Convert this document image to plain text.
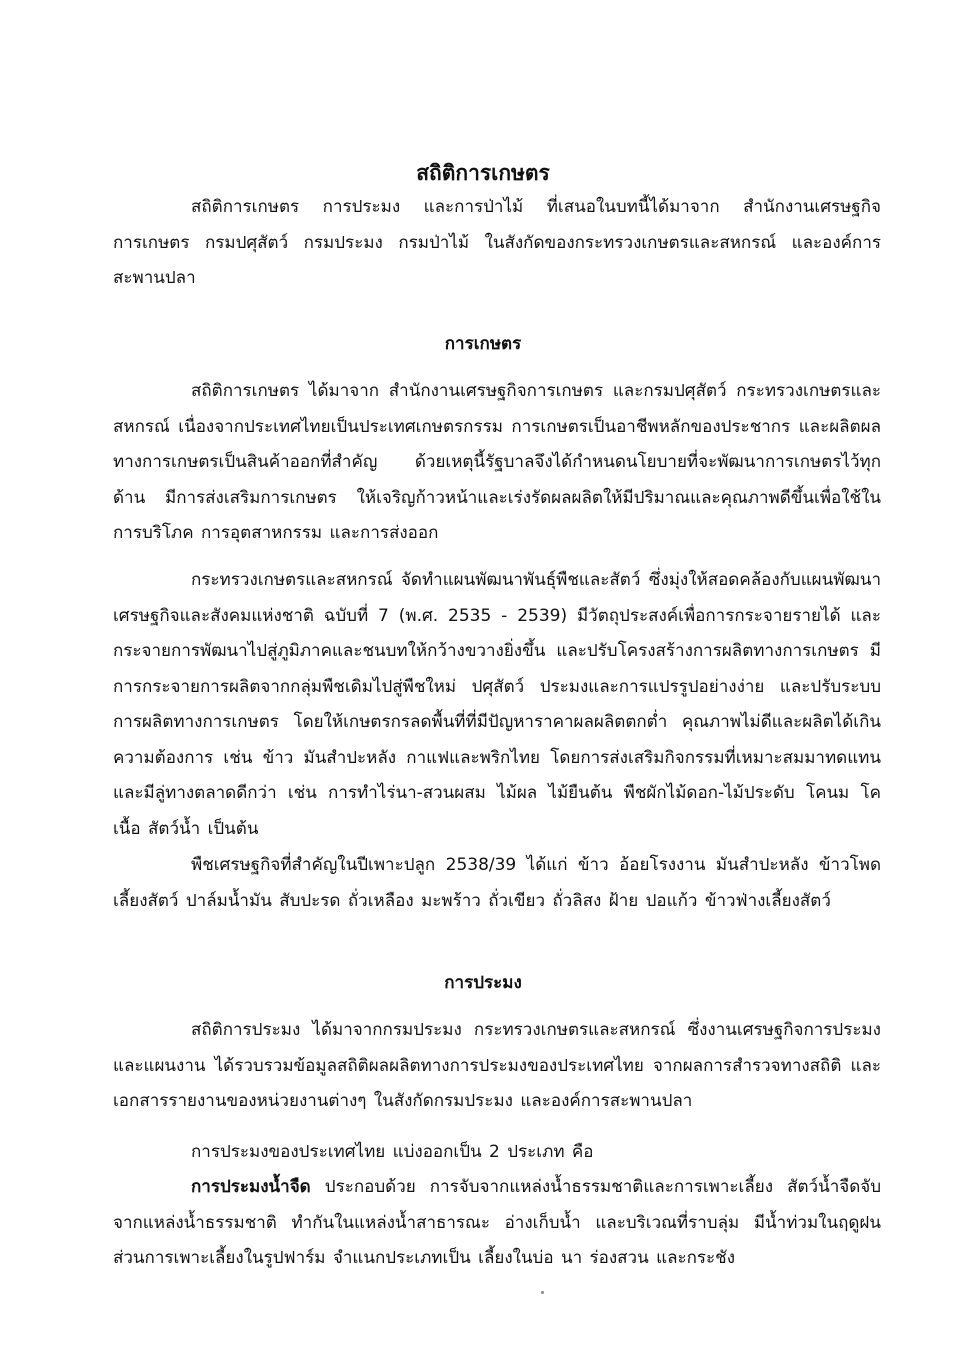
สถิติการเกษตร

สถิติการเกษตร การประมง และการป่าไม้ ที่เสนอในบทนี้ได้มาจาก สำนักงานเศรษฐกิจการเกษตร กรมปศุสัตว์ กรมประมง กรมป่าไม้ ในสังกัดของกระทรวงเกษตรและสหกรณ์ และองค์การสะพานปลา

การเกษตร

สถิติการเกษตร ได้มาจาก สำนักงานเศรษฐกิจการเกษตร และกรมปศุสัตว์ กระทรวงเกษตรและสหกรณ์ เนื่องจากประเทศไทยเป็นประเทศเกษตรกรรม การเกษตรเป็นอาชีพหลักของประชากร และผลิตผลทางการเกษตรเป็นสินค้าออกที่สำคัญ ด้วยเหตุนี้รัฐบาลจึงได้กำหนดนโยบายที่จะพัฒนาการเกษตรไว้ทุกด้าน มีการส่งเสริมการเกษตร ให้เจริญก้าวหน้าและเร่งรัดผลผลิตให้มีปริมาณและคุณภาพดีขึ้นเพื่อใช้ในการบริโภค การอุตสาหกรรม และการส่งออก

กระทรวงเกษตรและสหกรณ์ จัดทำแผนพัฒนาพันธุ์พืชและสัตว์ ซึ่งมุ่งให้สอดคล้องกับแผนพัฒนาเศรษฐกิจและสังคมแห่งชาติ ฉบับที่ 7 (พ.ศ. 2535 - 2539) มีวัตถุประสงค์เพื่อการกระจายรายได้ และกระจายการพัฒนาไปสู่ภูมิภาคและชนบทให้กว้างขวางยิ่งขึ้น และปรับโครงสร้างการผลิตทางการเกษตร มีการกระจายการผลิตจากกลุ่มพืชเดิมไปสู่พืชใหม่ ปศุสัตว์ ประมงและการแปรรูปอย่างง่าย และปรับระบบการผลิตทางการเกษตร โดยให้เกษตรกรลดพื้นที่ที่มีปัญหาราคาผลผลิตตกต่ำ คุณภาพไม่ดีและผลิตได้เกินความต้องการ เช่น ข้าว มันสำปะหลัง กาแฟและพริกไทย โดยการส่งเสริมกิจกรรมที่เหมาะสมมาทดแทน และมีลู่ทางตลาดดีกว่า เช่น การทำไร่นา-สวนผสม ไม้ผล ไม้ยืนต้น พืชผักไม้ดอก-ไม้ประดับ โคนม โคเนื้อ สัตว์น้ำ เป็นต้น

พืชเศรษฐกิจที่สำคัญในปีเพาะปลูก 2538/39 ได้แก่ ข้าว อ้อยโรงงาน มันสำปะหลัง ข้าวโพดเลี้ยงสัตว์ ปาล์มน้ำมัน สับปะรด ถั่วเหลือง มะพร้าว ถั่วเขียว ถั่วลิสง ฝ้าย ปอแก้ว ข้าวฟ่างเลี้ยงสัตว์

การประมง

สถิติการประมง ได้มาจากกรมประมง กระทรวงเกษตรและสหกรณ์ ซึ่งงานเศรษฐกิจการประมงและแผนงาน ได้รวบรวมข้อมูลสถิติผลผลิตทางการประมงของประเทศไทย จากผลการสำรวจทางสถิติ และเอกสารรายงานของหน่วยงานต่างๆ ในสังกัดกรมประมง และองค์การสะพานปลา

การประมงของประเทศไทย แบ่งออกเป็น 2 ประเภท คือ

การประมงน้ำจืด ประกอบด้วย การจับจากแหล่งน้ำธรรมชาติและการเพาะเลี้ยง สัตว์น้ำจืดจับจากแหล่งน้ำธรรมชาติ ทำกันในแหล่งน้ำสาธารณะ อ่างเก็บน้ำ และบริเวณที่ราบลุ่ม มีน้ำท่วมในฤดูฝน ส่วนการเพาะเลี้ยงในรูปฟาร์ม จำแนกประเภทเป็น เลี้ยงในบ่อ นา ร่องสวน และกระชัง
